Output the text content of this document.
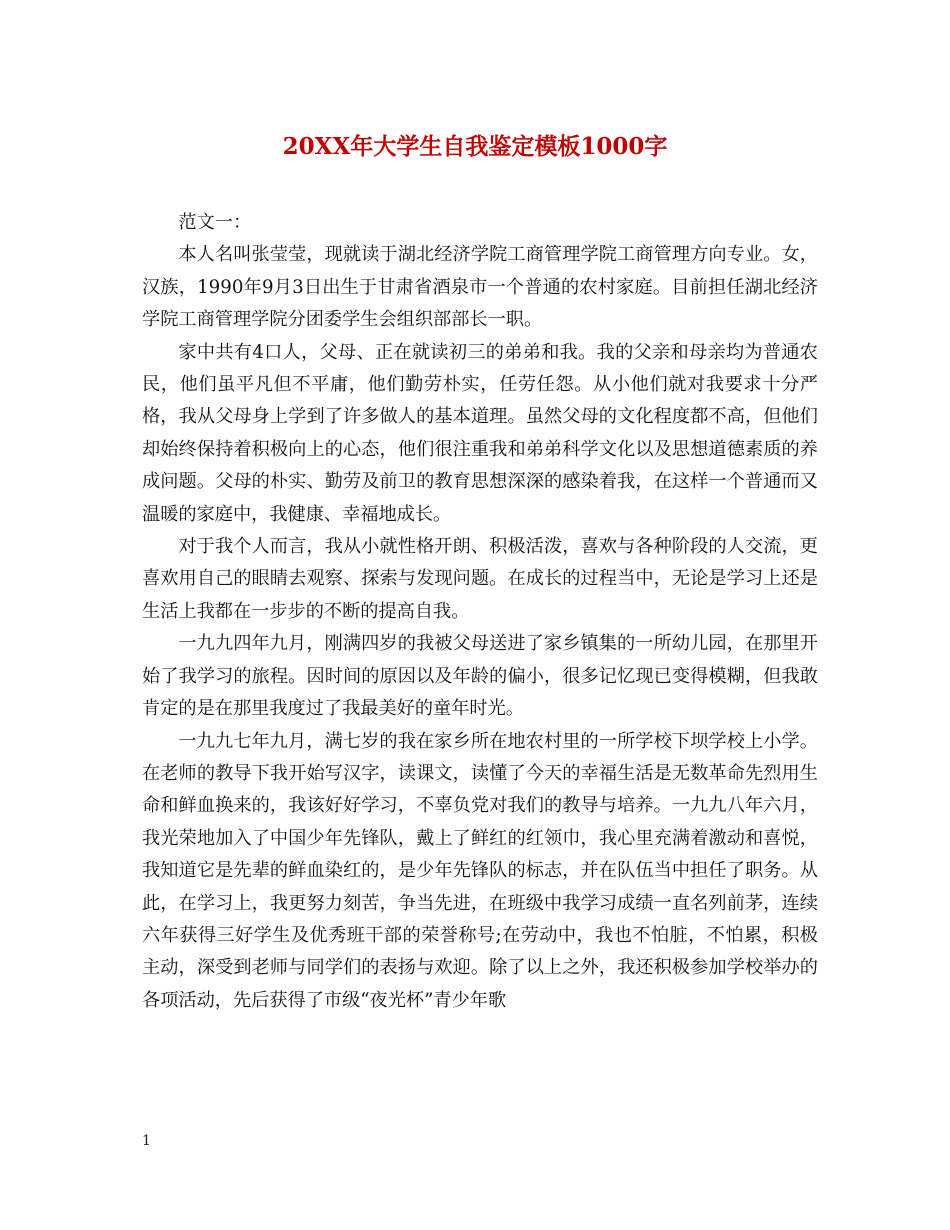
20XX年大学生自我鉴定模板1000字

范文一：

本人名叫张莹莹，现就读于湖北经济学院工商管理学院工商管理方向专业。女，汉族，1990年9月3日出生于甘肃省酒泉市一个普通的农村家庭。目前担任湖北经济学院工商管理学院分团委学生会组织部部长一职。

家中共有4口人，父母、正在就读初三的弟弟和我。我的父亲和母亲均为普通农民，他们虽平凡但不平庸，他们勤劳朴实，任劳任怨。从小他们就对我要求十分严格，我从父母身上学到了许多做人的基本道理。虽然父母的文化程度都不高，但他们却始终保持着积极向上的心态，他们很注重我和弟弟科学文化以及思想道德素质的养成问题。父母的朴实、勤劳及前卫的教育思想深深的感染着我，在这样一个普通而又温暖的家庭中，我健康、幸福地成长。

对于我个人而言，我从小就性格开朗、积极活泼，喜欢与各种阶段的人交流，更喜欢用自己的眼睛去观察、探索与发现问题。在成长的过程当中，无论是学习上还是生活上我都在一步步的不断的提高自我。

一九九四年九月，刚满四岁的我被父母送进了家乡镇集的一所幼儿园，在那里开始了我学习的旅程。因时间的原因以及年龄的偏小，很多记忆现已变得模糊，但我敢肯定的是在那里我度过了我最美好的童年时光。

一九九七年九月，满七岁的我在家乡所在地农村里的一所学校下坝学校上小学。在老师的教导下我开始写汉字，读课文，读懂了今天的幸福生活是无数革命先烈用生命和鲜血换来的，我该好好学习，不辜负党对我们的教导与培养。一九九八年六月，我光荣地加入了中国少年先锋队，戴上了鲜红的红领巾，我心里充满着激动和喜悦，我知道它是先辈的鲜血染红的，是少年先锋队的标志，并在队伍当中担任了职务。从此，在学习上，我更努力刻苦，争当先进，在班级中我学习成绩一直名列前茅，连续六年获得三好学生及优秀班干部的荣誉称号;在劳动中，我也不怕脏，不怕累，积极主动，深受到老师与同学们的表扬与欢迎。除了以上之外，我还积极参加学校举办的各项活动，先后获得了市级“夜光杯”青少年歌

1
